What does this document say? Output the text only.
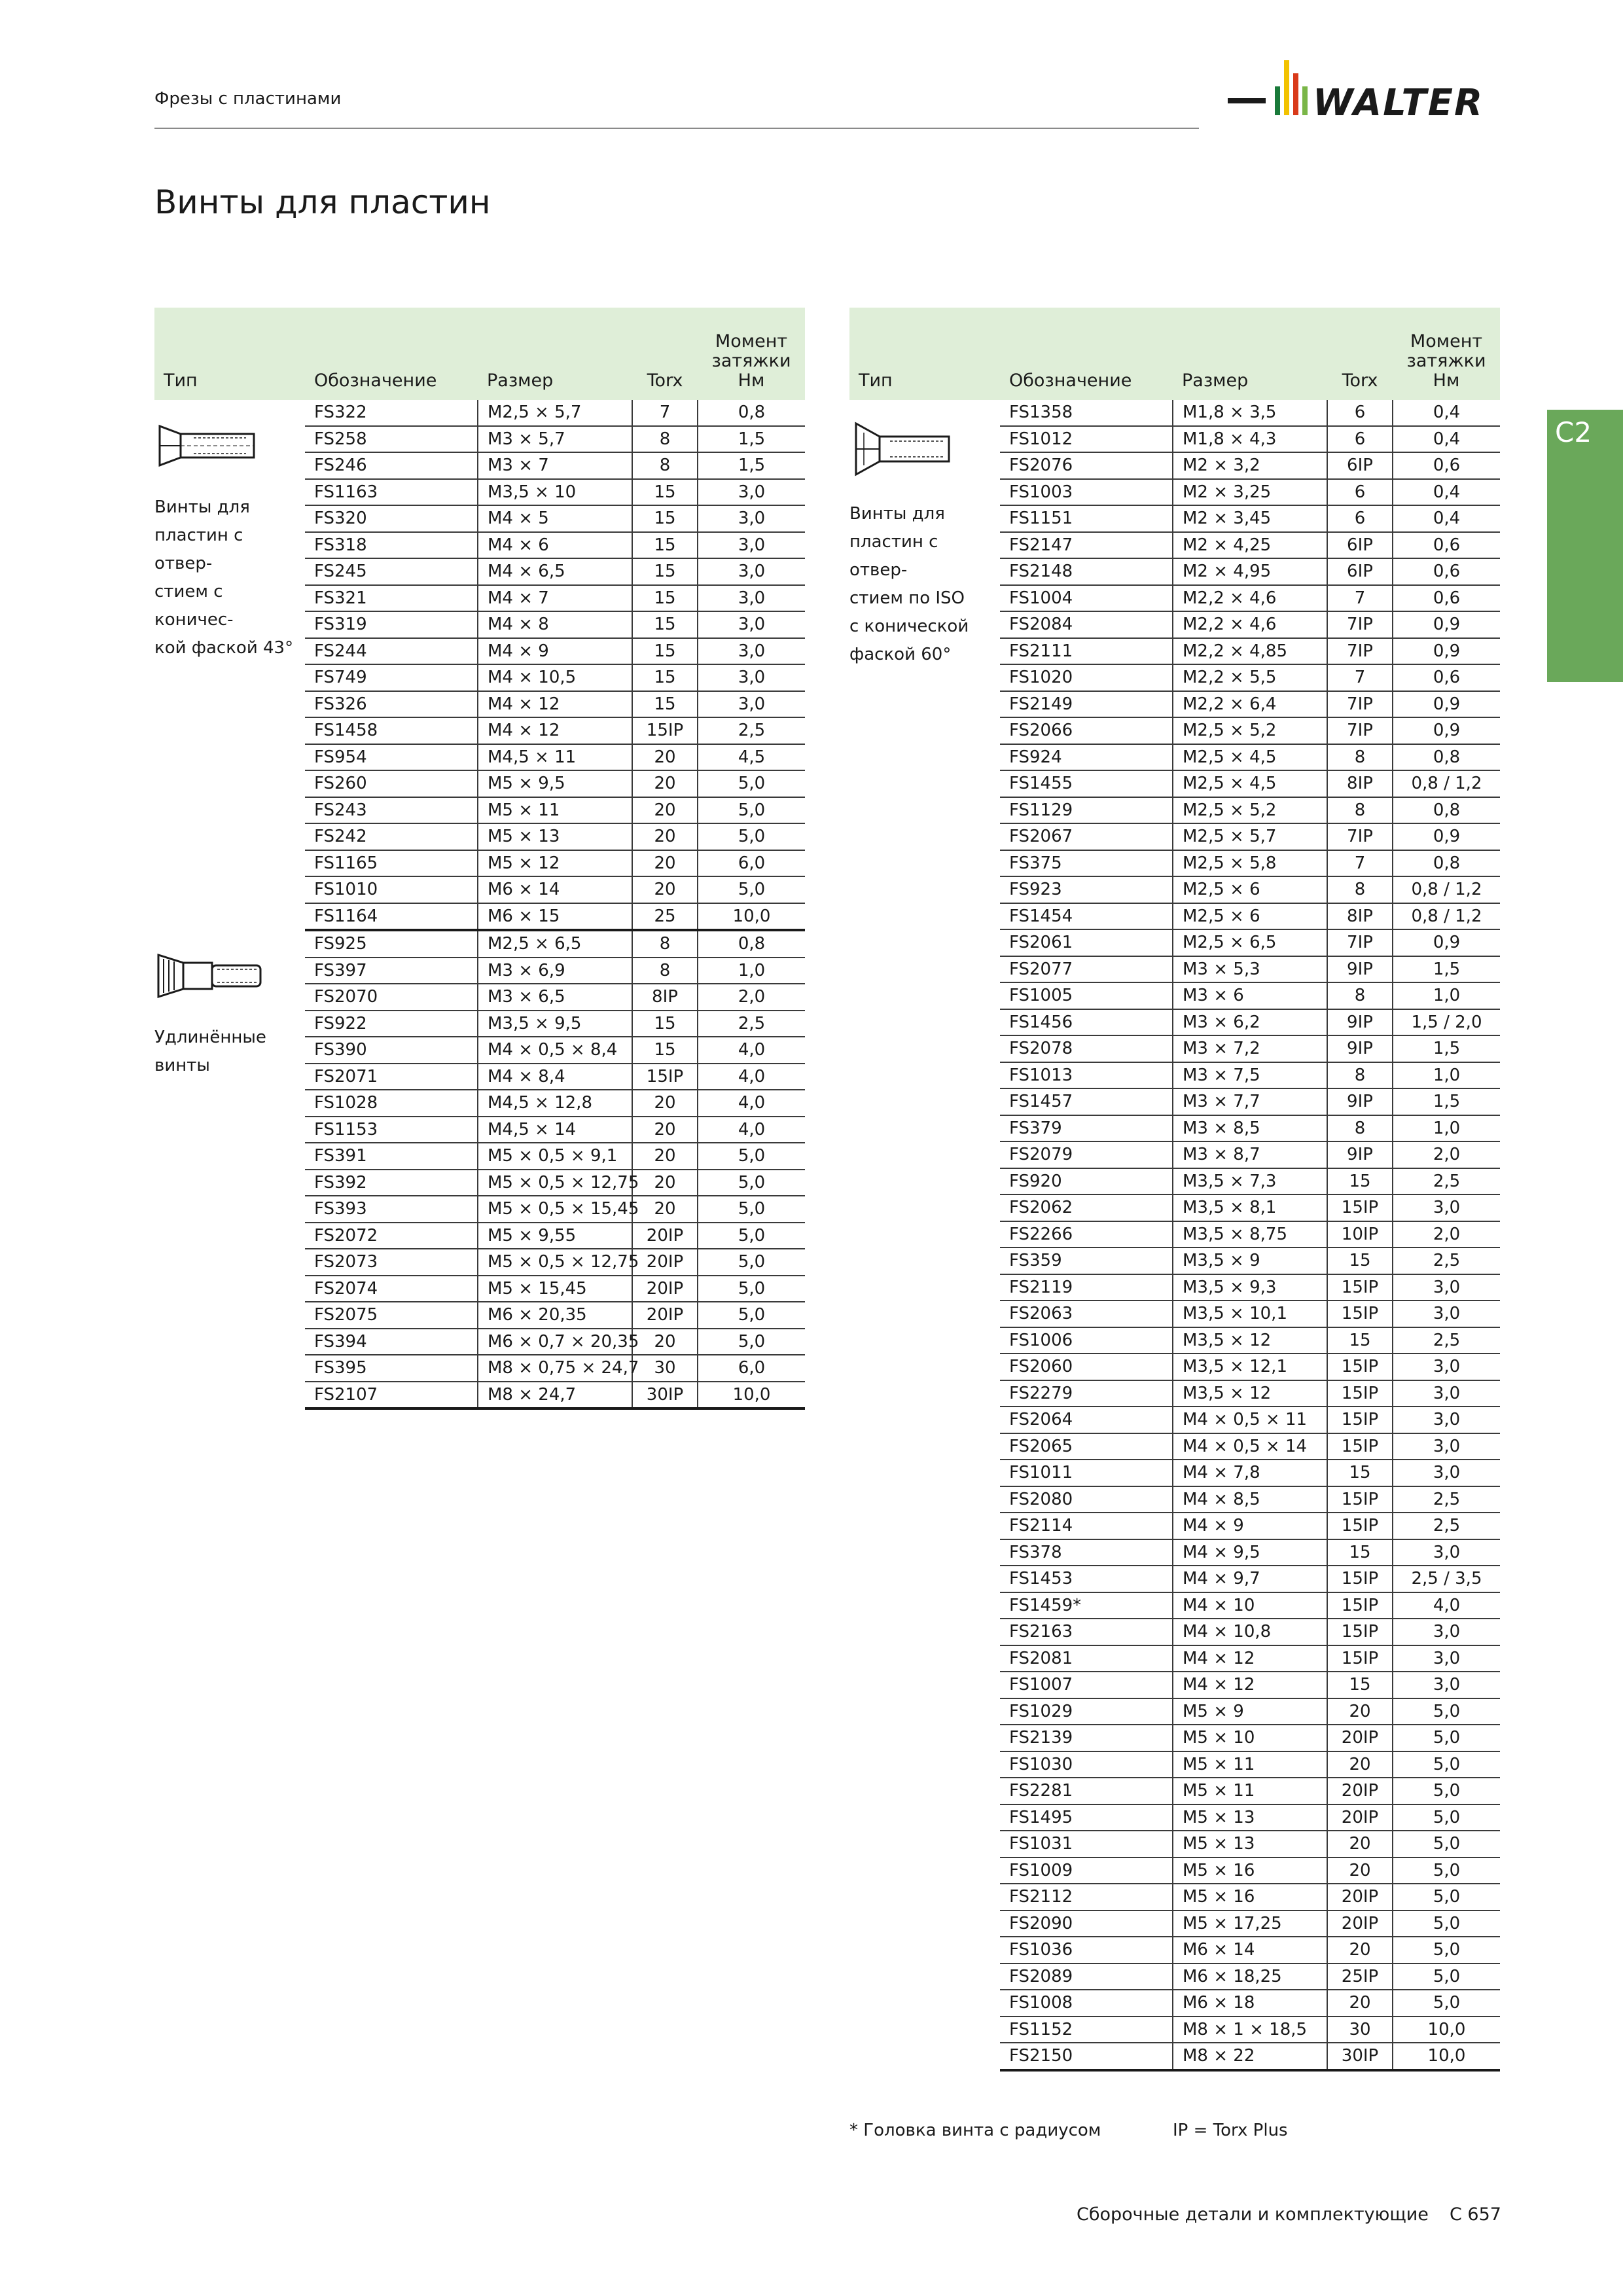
Фрезы с пластинами	WALTER
Винты для пластин
C2
Тип	Обозначение	Размер	Torx	Момент
затяжки
Нм

Винты для
пластин с отвер-
стием с коничес-
кой фаской 43°	FS322	M2,5 × 5,7	7	0,8
	FS258	M3 × 5,7	8	1,5
	FS246	M3 × 7	8	1,5
	FS1163	M3,5 × 10	15	3,0
	FS320	M4 × 5	15	3,0
	FS318	M4 × 6	15	3,0
	FS245	M4 × 6,5	15	3,0
	FS321	M4 × 7	15	3,0
	FS319	M4 × 8	15	3,0
	FS244	M4 × 9	15	3,0
	FS749	M4 × 10,5	15	3,0
	FS326	M4 × 12	15	3,0
	FS1458	M4 × 12	15IP	2,5
	FS954	M4,5 × 11	20	4,5
	FS260	M5 × 9,5	20	5,0
	FS243	M5 × 11	20	5,0
	FS242	M5 × 13	20	5,0
	FS1165	M5 × 12	20	6,0
	FS1010	M6 × 14	20	5,0
	FS1164	M6 × 15	25	10,0

Удлинённые
винты	FS925	M2,5 × 6,5	8	0,8
	FS397	M3 × 6,9	8	1,0
	FS2070	M3 × 6,5	8IP	2,0
	FS922	M3,5 × 9,5	15	2,5
	FS390	M4 × 0,5 × 8,4	15	4,0
	FS2071	M4 × 8,4	15IP	4,0
	FS1028	M4,5 × 12,8	20	4,0
	FS1153	M4,5 × 14	20	4,0
	FS391	M5 × 0,5 × 9,1	20	5,0
	FS392	M5 × 0,5 × 12,75	20	5,0
	FS393	M5 × 0,5 × 15,45	20	5,0
	FS2072	M5 × 9,55	20IP	5,0
	FS2073	M5 × 0,5 × 12,75	20IP	5,0
	FS2074	M5 × 15,45	20IP	5,0
	FS2075	M6 × 20,35	20IP	5,0
	FS394	M6 × 0,7 × 20,35	20	5,0
	FS395	M8 × 0,75 × 24,7	30	6,0
	FS2107	M8 × 24,7	30IP	10,0
Тип	Обозначение	Размер	Torx	Момент
затяжки
Нм

Винты для
пластин с отвер-
стием по ISO
с конической
фаской 60°	FS1358	M1,8 × 3,5	6	0,4
	FS1012	M1,8 × 4,3	6	0,4
	FS2076	M2 × 3,2	6IP	0,6
	FS1003	M2 × 3,25	6	0,4
	FS1151	M2 × 3,45	6	0,4
	FS2147	M2 × 4,25	6IP	0,6
	FS2148	M2 × 4,95	6IP	0,6
	FS1004	M2,2 × 4,6	7	0,6
	FS2084	M2,2 × 4,6	7IP	0,9
	FS2111	M2,2 × 4,85	7IP	0,9
	FS1020	M2,2 × 5,5	7	0,6
	FS2149	M2,2 × 6,4	7IP	0,9
	FS2066	M2,5 × 5,2	7IP	0,9
	FS924	M2,5 × 4,5	8	0,8
	FS1455	M2,5 × 4,5	8IP	0,8 / 1,2
	FS1129	M2,5 × 5,2	8	0,8
	FS2067	M2,5 × 5,7	7IP	0,9
	FS375	M2,5 × 5,8	7	0,8
	FS923	M2,5 × 6	8	0,8 / 1,2
	FS1454	M2,5 × 6	8IP	0,8 / 1,2
	FS2061	M2,5 × 6,5	7IP	0,9
	FS2077	M3 × 5,3	9IP	1,5
	FS1005	M3 × 6	8	1,0
	FS1456	M3 × 6,2	9IP	1,5 / 2,0
	FS2078	M3 × 7,2	9IP	1,5
	FS1013	M3 × 7,5	8	1,0
	FS1457	M3 × 7,7	9IP	1,5
	FS379	M3 × 8,5	8	1,0
	FS2079	M3 × 8,7	9IP	2,0
	FS920	M3,5 × 7,3	15	2,5
	FS2062	M3,5 × 8,1	15IP	3,0
	FS2266	M3,5 × 8,75	10IP	2,0
	FS359	M3,5 × 9	15	2,5
	FS2119	M3,5 × 9,3	15IP	3,0
	FS2063	M3,5 × 10,1	15IP	3,0
	FS1006	M3,5 × 12	15	2,5
	FS2060	M3,5 × 12,1	15IP	3,0
	FS2279	M3,5 × 12	15IP	3,0
	FS2064	M4 × 0,5 × 11	15IP	3,0
	FS2065	M4 × 0,5 × 14	15IP	3,0
	FS1011	M4 × 7,8	15	3,0
	FS2080	M4 × 8,5	15IP	2,5
	FS2114	M4 × 9	15IP	2,5
	FS378	M4 × 9,5	15	3,0
	FS1453	M4 × 9,7	15IP	2,5 / 3,5
	FS1459*	M4 × 10	15IP	4,0
	FS2163	M4 × 10,8	15IP	3,0
	FS2081	M4 × 12	15IP	3,0
	FS1007	M4 × 12	15	3,0
	FS1029	M5 × 9	20	5,0
	FS2139	M5 × 10	20IP	5,0
	FS1030	M5 × 11	20	5,0
	FS2281	M5 × 11	20IP	5,0
	FS1495	M5 × 13	20IP	5,0
	FS1031	M5 × 13	20	5,0
	FS1009	M5 × 16	20	5,0
	FS2112	M5 × 16	20IP	5,0
	FS2090	M5 × 17,25	20IP	5,0
	FS1036	M6 × 14	20	5,0
	FS2089	M6 × 18,25	25IP	5,0
	FS1008	M6 × 18	20	5,0
	FS1152	M8 × 1 × 18,5	30	10,0
	FS2150	M8 × 22	30IP	10,0
* Головка винта с радиусом	IP = Torx Plus
Сборочные детали и комплектующие C 657
